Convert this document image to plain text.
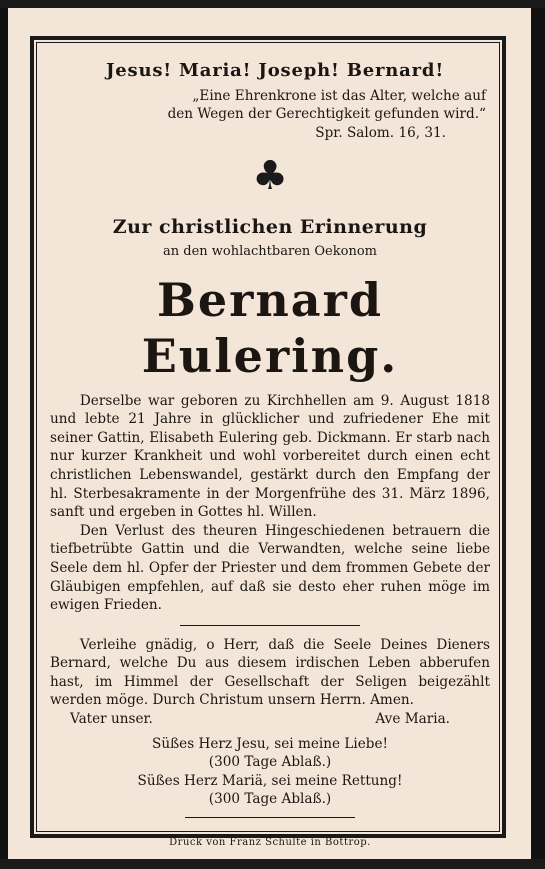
Jesus! Maria! Joseph! Bernard!
„Eine Ehrenkrone ist das Alter, welche auf
den Wegen der Gerechtigkeit gefunden wird.“
Spr. Salom. 16, 31.
♣
Zur christlichen Erinnerung
an den wohlachtbaren Oekonom
Bernard Eulering.

Derselbe war geboren zu Kirchhellen am 9. August 1818 und lebte 21 Jahre in glücklicher und zufriedener Ehe mit seiner Gattin, Elisabeth Eulering geb. Dickmann. Er starb nach nur kurzer Krankheit und wohl vorbereitet durch einen echt christlichen Lebenswandel, gestärkt durch den Empfang der hl. Sterbesakramente in der Morgenfrühe des 31. März 1896, sanft und ergeben in Gottes hl. Willen.

Den Verlust des theuren Hingeschiedenen betrauern die tiefbetrübte Gattin und die Verwandten, welche seine liebe Seele dem hl. Opfer der Priester und dem frommen Gebete der Gläubigen empfehlen, auf daß sie desto eher ruhen möge im ewigen Frieden.

Verleihe gnädig, o Herr, daß die Seele Deines Dieners Bernard, welche Du aus diesem irdischen Leben abberufen hast, im Himmel der Gesellschaft der Seligen beigezählt werden möge. Durch Christum unsern Herrn. Amen.
Vater unser.	Ave Maria.
Süßes Herz Jesu, sei meine Liebe!
(300 Tage Ablaß.)
Süßes Herz Mariä, sei meine Rettung!
(300 Tage Ablaß.)
Druck von Franz Schulte in Bottrop.
